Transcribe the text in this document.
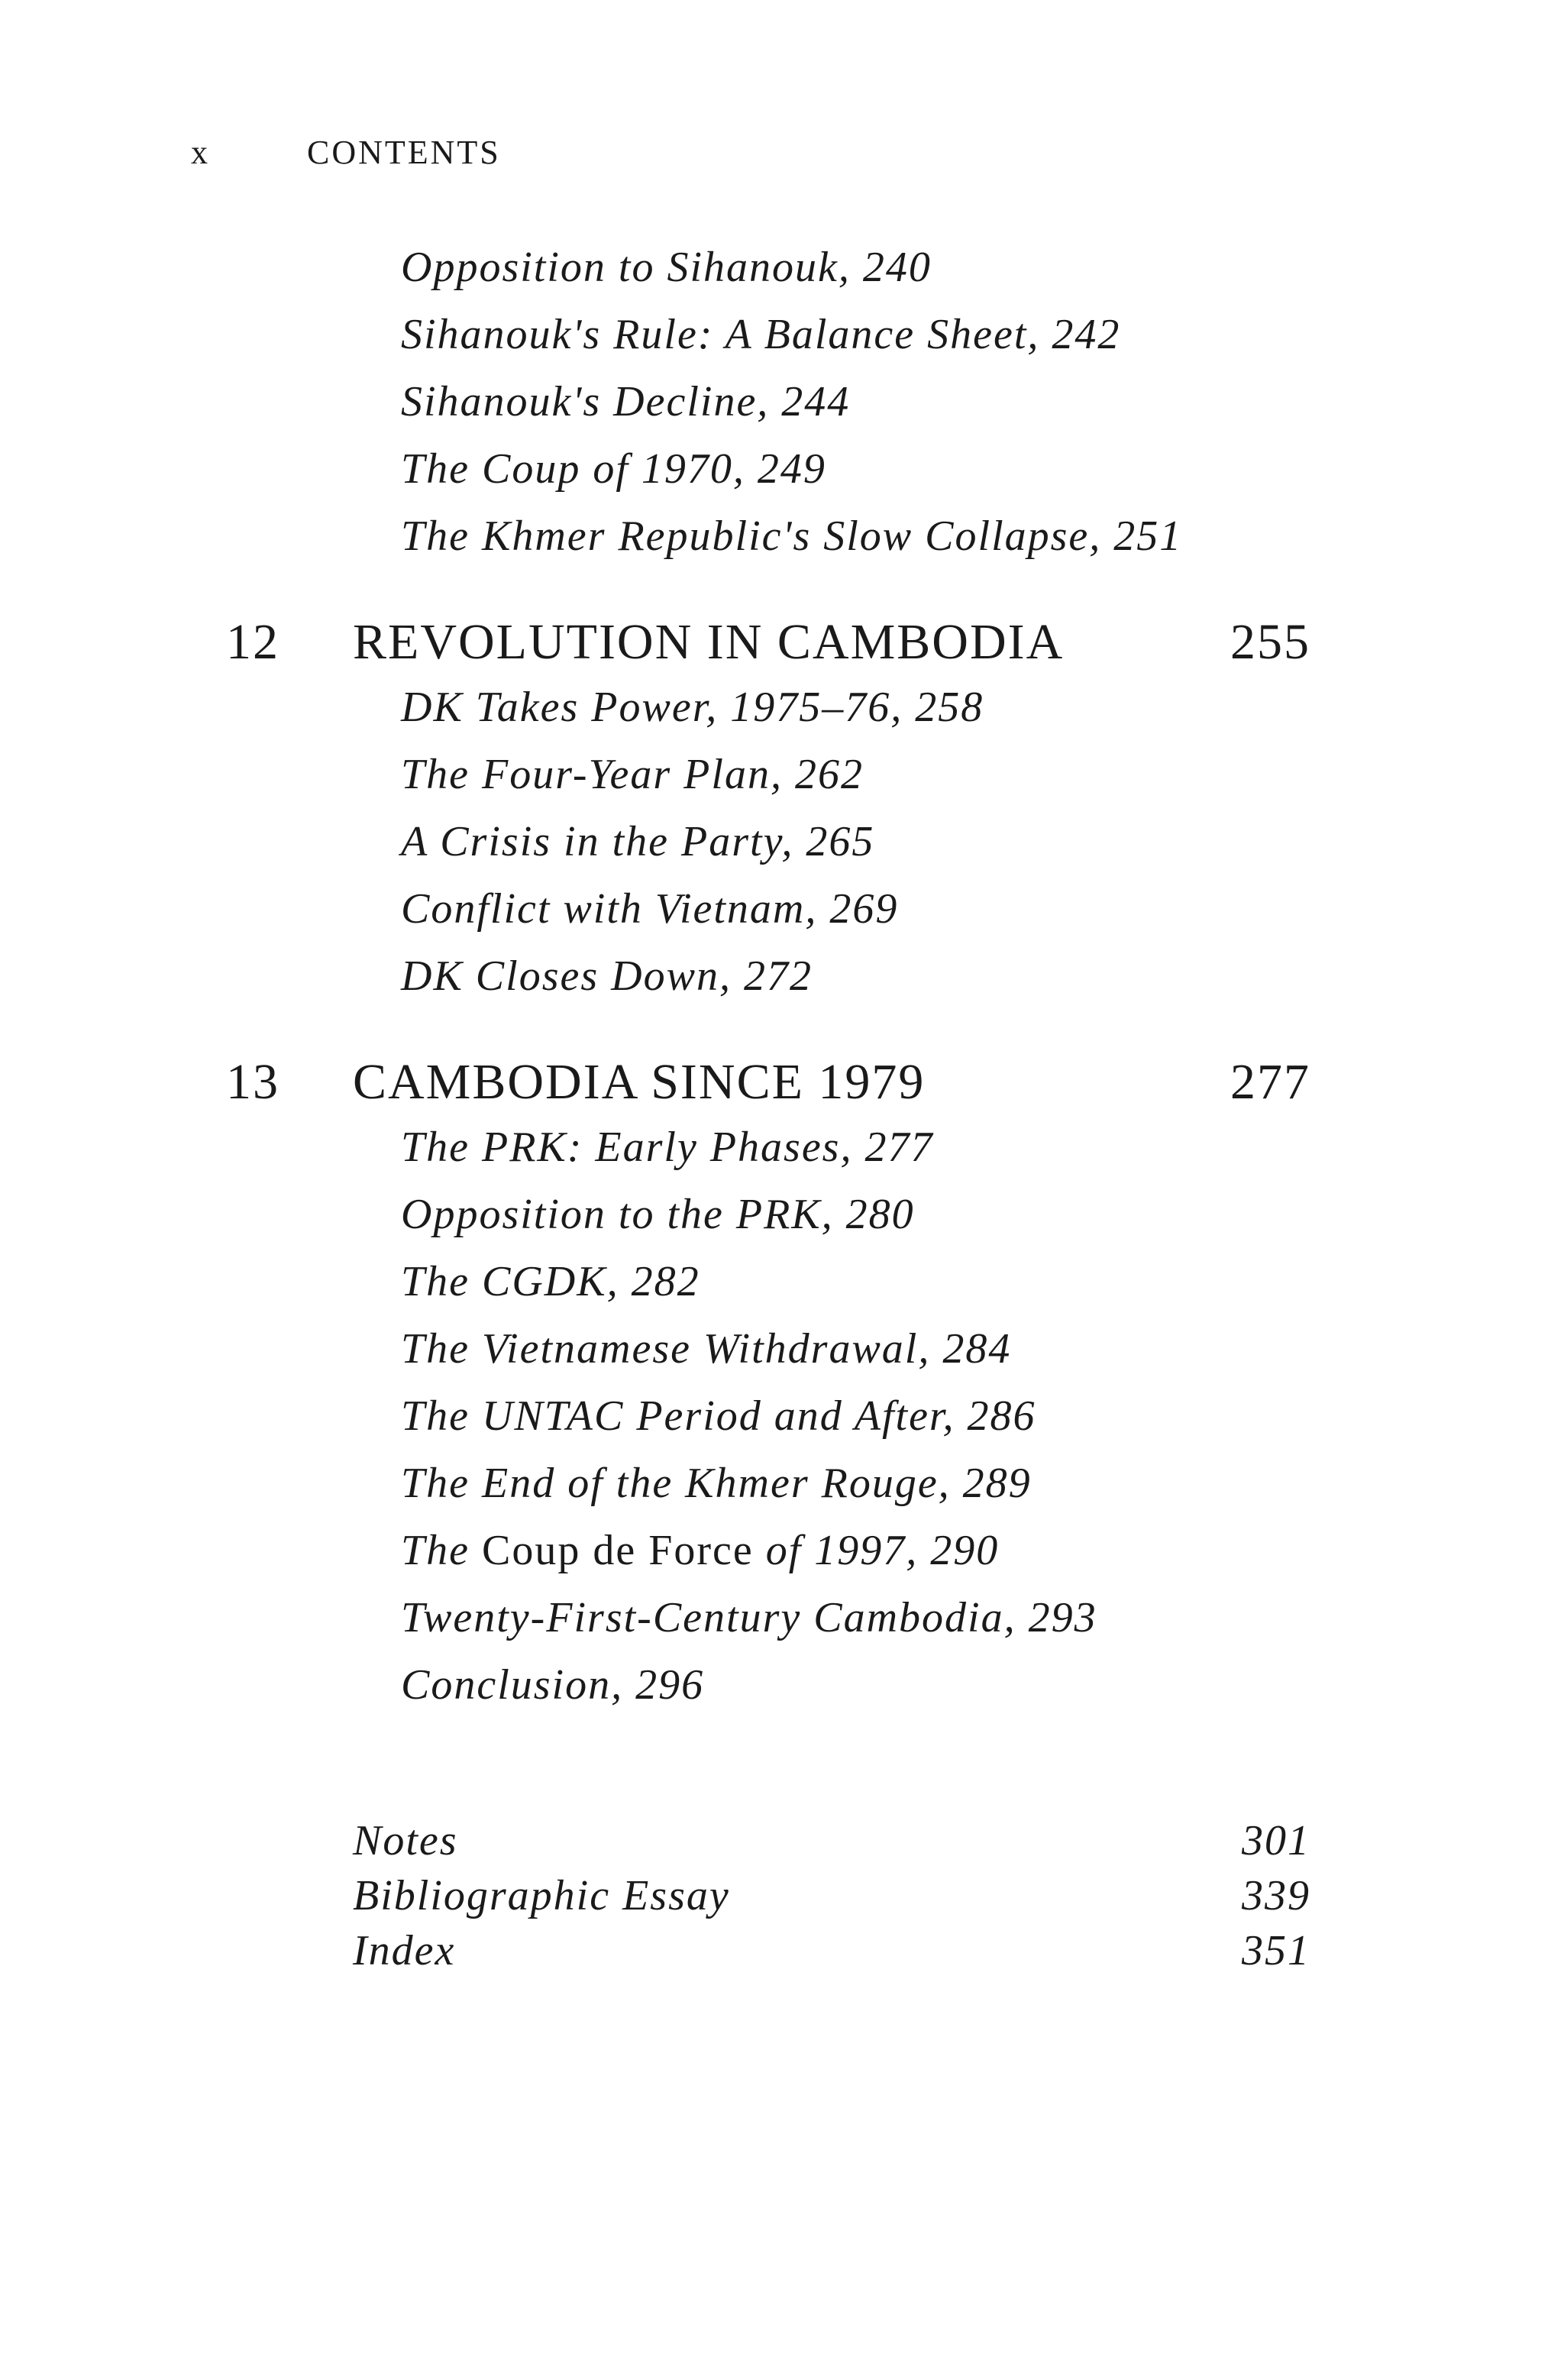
x	CONTENTS
Opposition to Sihanouk, 240
Sihanouk's Rule: A Balance Sheet, 242
Sihanouk's Decline, 244
The Coup of 1970, 249
The Khmer Republic's Slow Collapse, 251
12 REVOLUTION IN CAMBODIA	255
DK Takes Power, 1975–76, 258
The Four-Year Plan, 262
A Crisis in the Party, 265
Conflict with Vietnam, 269
DK Closes Down, 272
13 CAMBODIA SINCE 1979	277
The PRK: Early Phases, 277
Opposition to the PRK, 280
The CGDK, 282
The Vietnamese Withdrawal, 284
The UNTAC Period and After, 286
The End of the Khmer Rouge, 289
The Coup de Force of 1997, 290
Twenty-First-Century Cambodia, 293
Conclusion, 296
Notes	301
Bibliographic Essay	339
Index	351
